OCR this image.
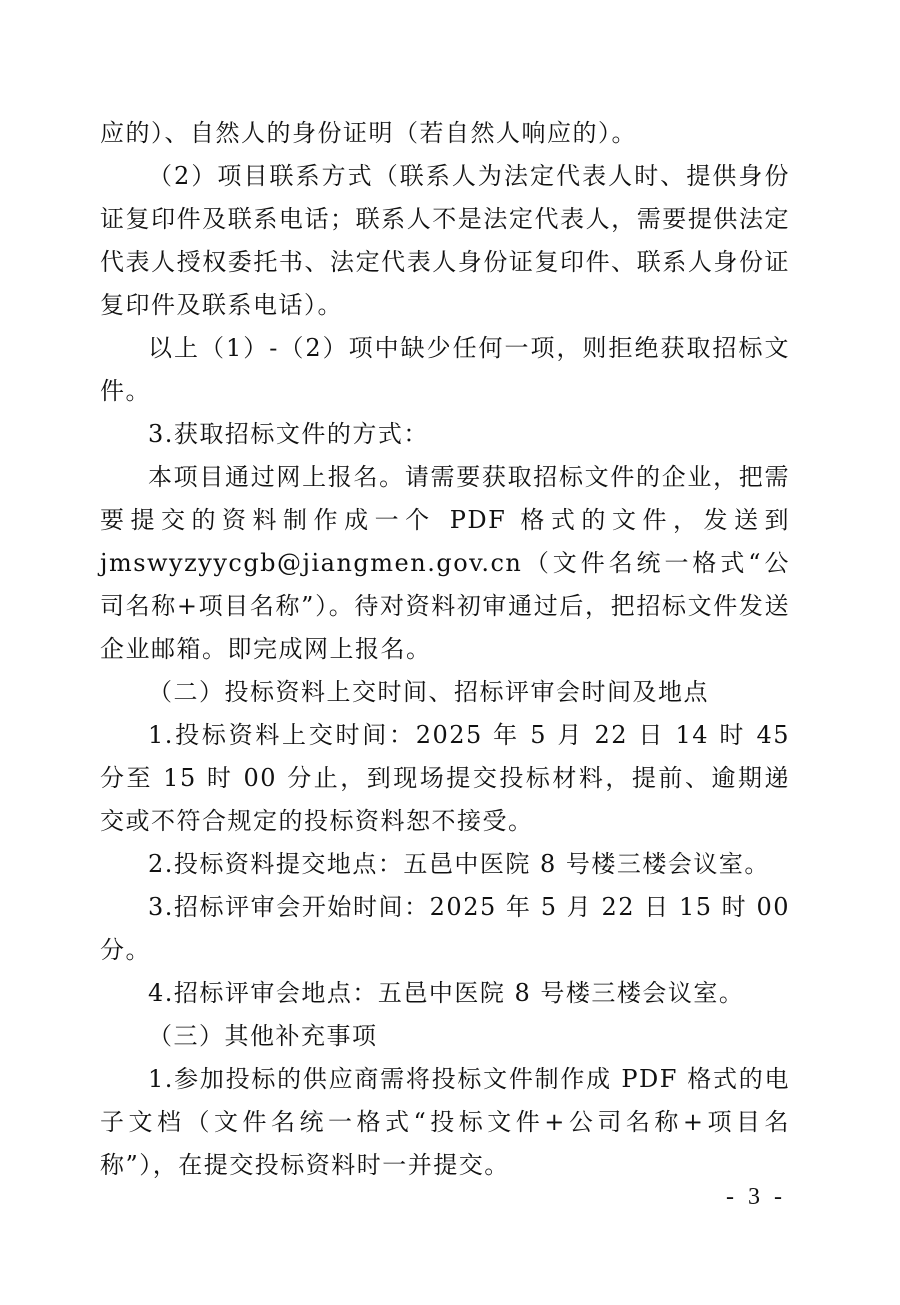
应的）、自然人的身份证明（若自然人响应的）。

（2）项目联系方式（联系人为法定代表人时、提供身份证复印件及联系电话；联系人不是法定代表人，需要提供法定代表人授权委托书、法定代表人身份证复印件、联系人身份证复印件及联系电话）。

以上（1）-（2）项中缺少任何一项，则拒绝获取招标文件。

3.获取招标文件的方式：

本项目通过网上报名。请需要获取招标文件的企业，把需要提交的资料制作成一个 PDF 格式的文件，发送到 jmswyzyycgb@jiangmen.gov.cn（文件名统一格式“公司名称+项目名称”）。待对资料初审通过后，把招标文件发送企业邮箱。即完成网上报名。

（二）投标资料上交时间、招标评审会时间及地点

1.投标资料上交时间：2025 年 5 月 22 日 14 时 45 分至 15 时 00 分止，到现场提交投标材料，提前、逾期递交或不符合规定的投标资料恕不接受。

2.投标资料提交地点：五邑中医院 8 号楼三楼会议室。

3.招标评审会开始时间：2025 年 5 月 22 日 15 时 00 分。

4.招标评审会地点：五邑中医院 8 号楼三楼会议室。

（三）其他补充事项

1.参加投标的供应商需将投标文件制作成 PDF 格式的电子文档（文件名统一格式“投标文件+公司名称+项目名称”），在提交投标资料时一并提交。

- 3 -
